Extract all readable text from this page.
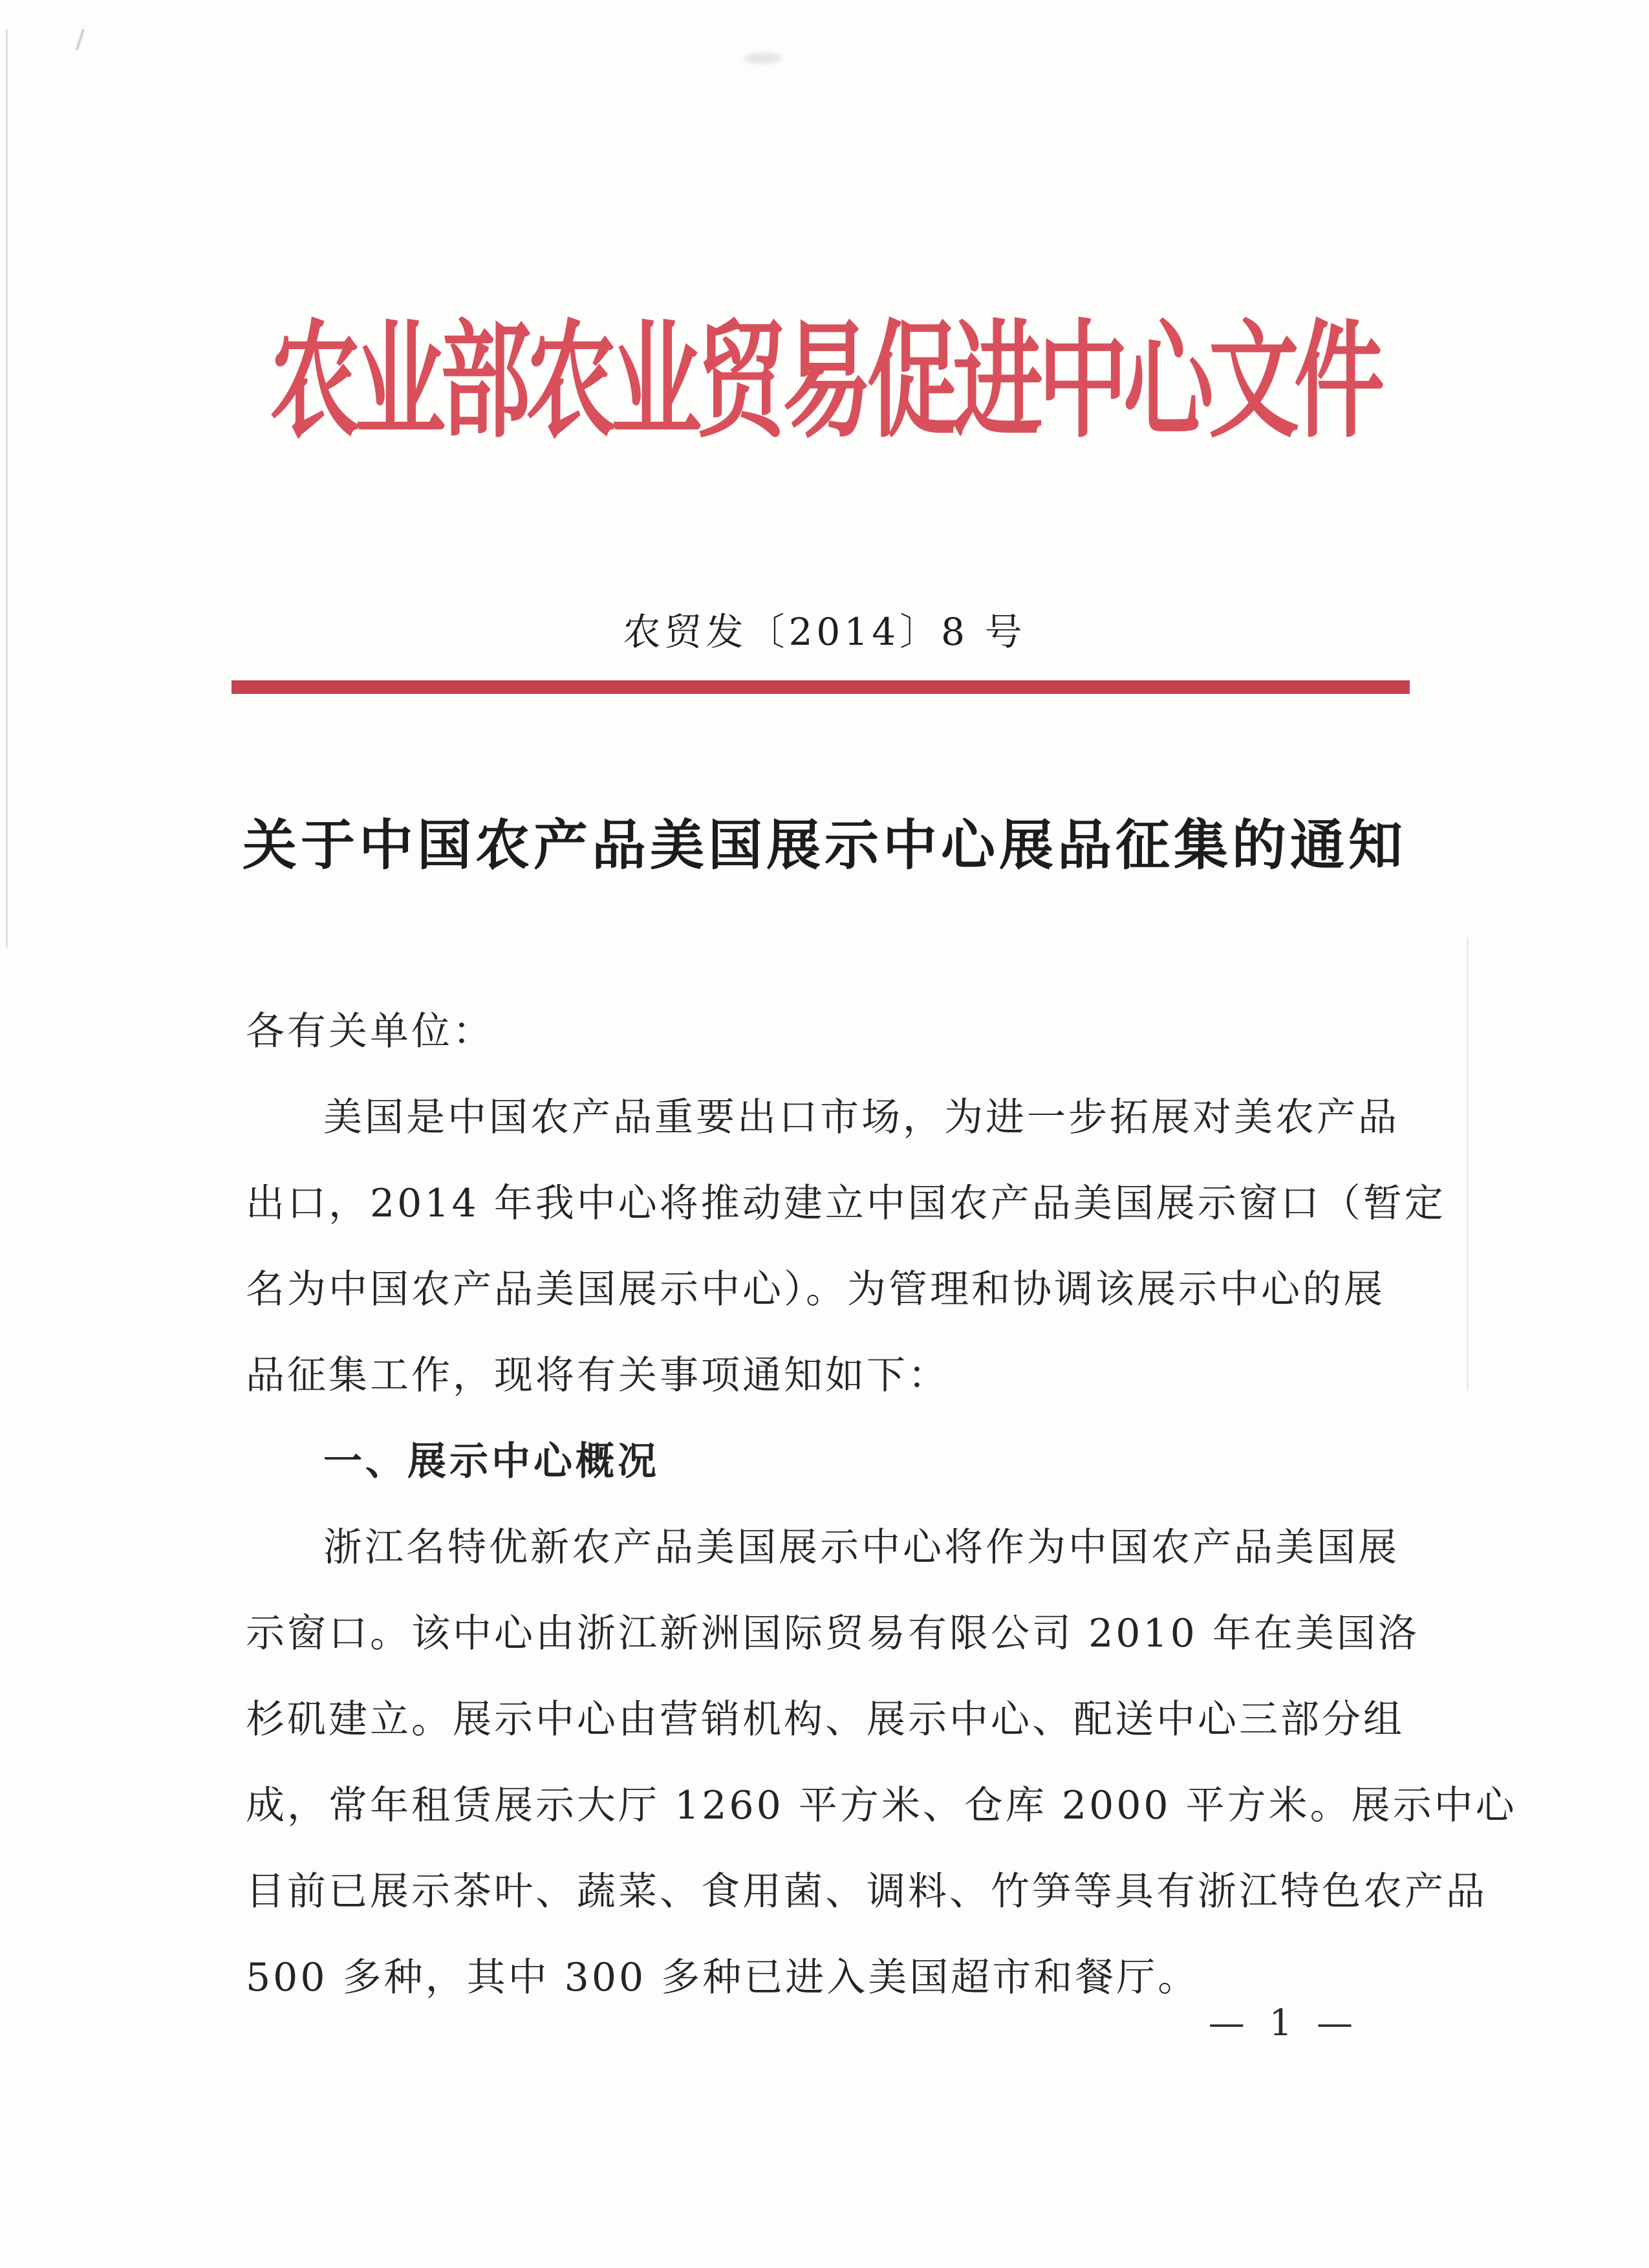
农业部农业贸易促进中心文件
农贸发〔2014〕8 号
关于中国农产品美国展示中心展品征集的通知
各有关单位：
美国是中国农产品重要出口市场，为进一步拓展对美农产品
出口，2014 年我中心将推动建立中国农产品美国展示窗口（暂定
名为中国农产品美国展示中心）。为管理和协调该展示中心的展
品征集工作，现将有关事项通知如下：
一、展示中心概况
浙江名特优新农产品美国展示中心将作为中国农产品美国展
示窗口。该中心由浙江新洲国际贸易有限公司 2010 年在美国洛
杉矶建立。展示中心由营销机构、展示中心、配送中心三部分组
成，常年租赁展示大厅 1260 平方米、仓库 2000 平方米。展示中心
目前已展示茶叶、蔬菜、食用菌、调料、竹笋等具有浙江特色农产品
500 多种，其中 300 多种已进入美国超市和餐厅。
— 1 —
